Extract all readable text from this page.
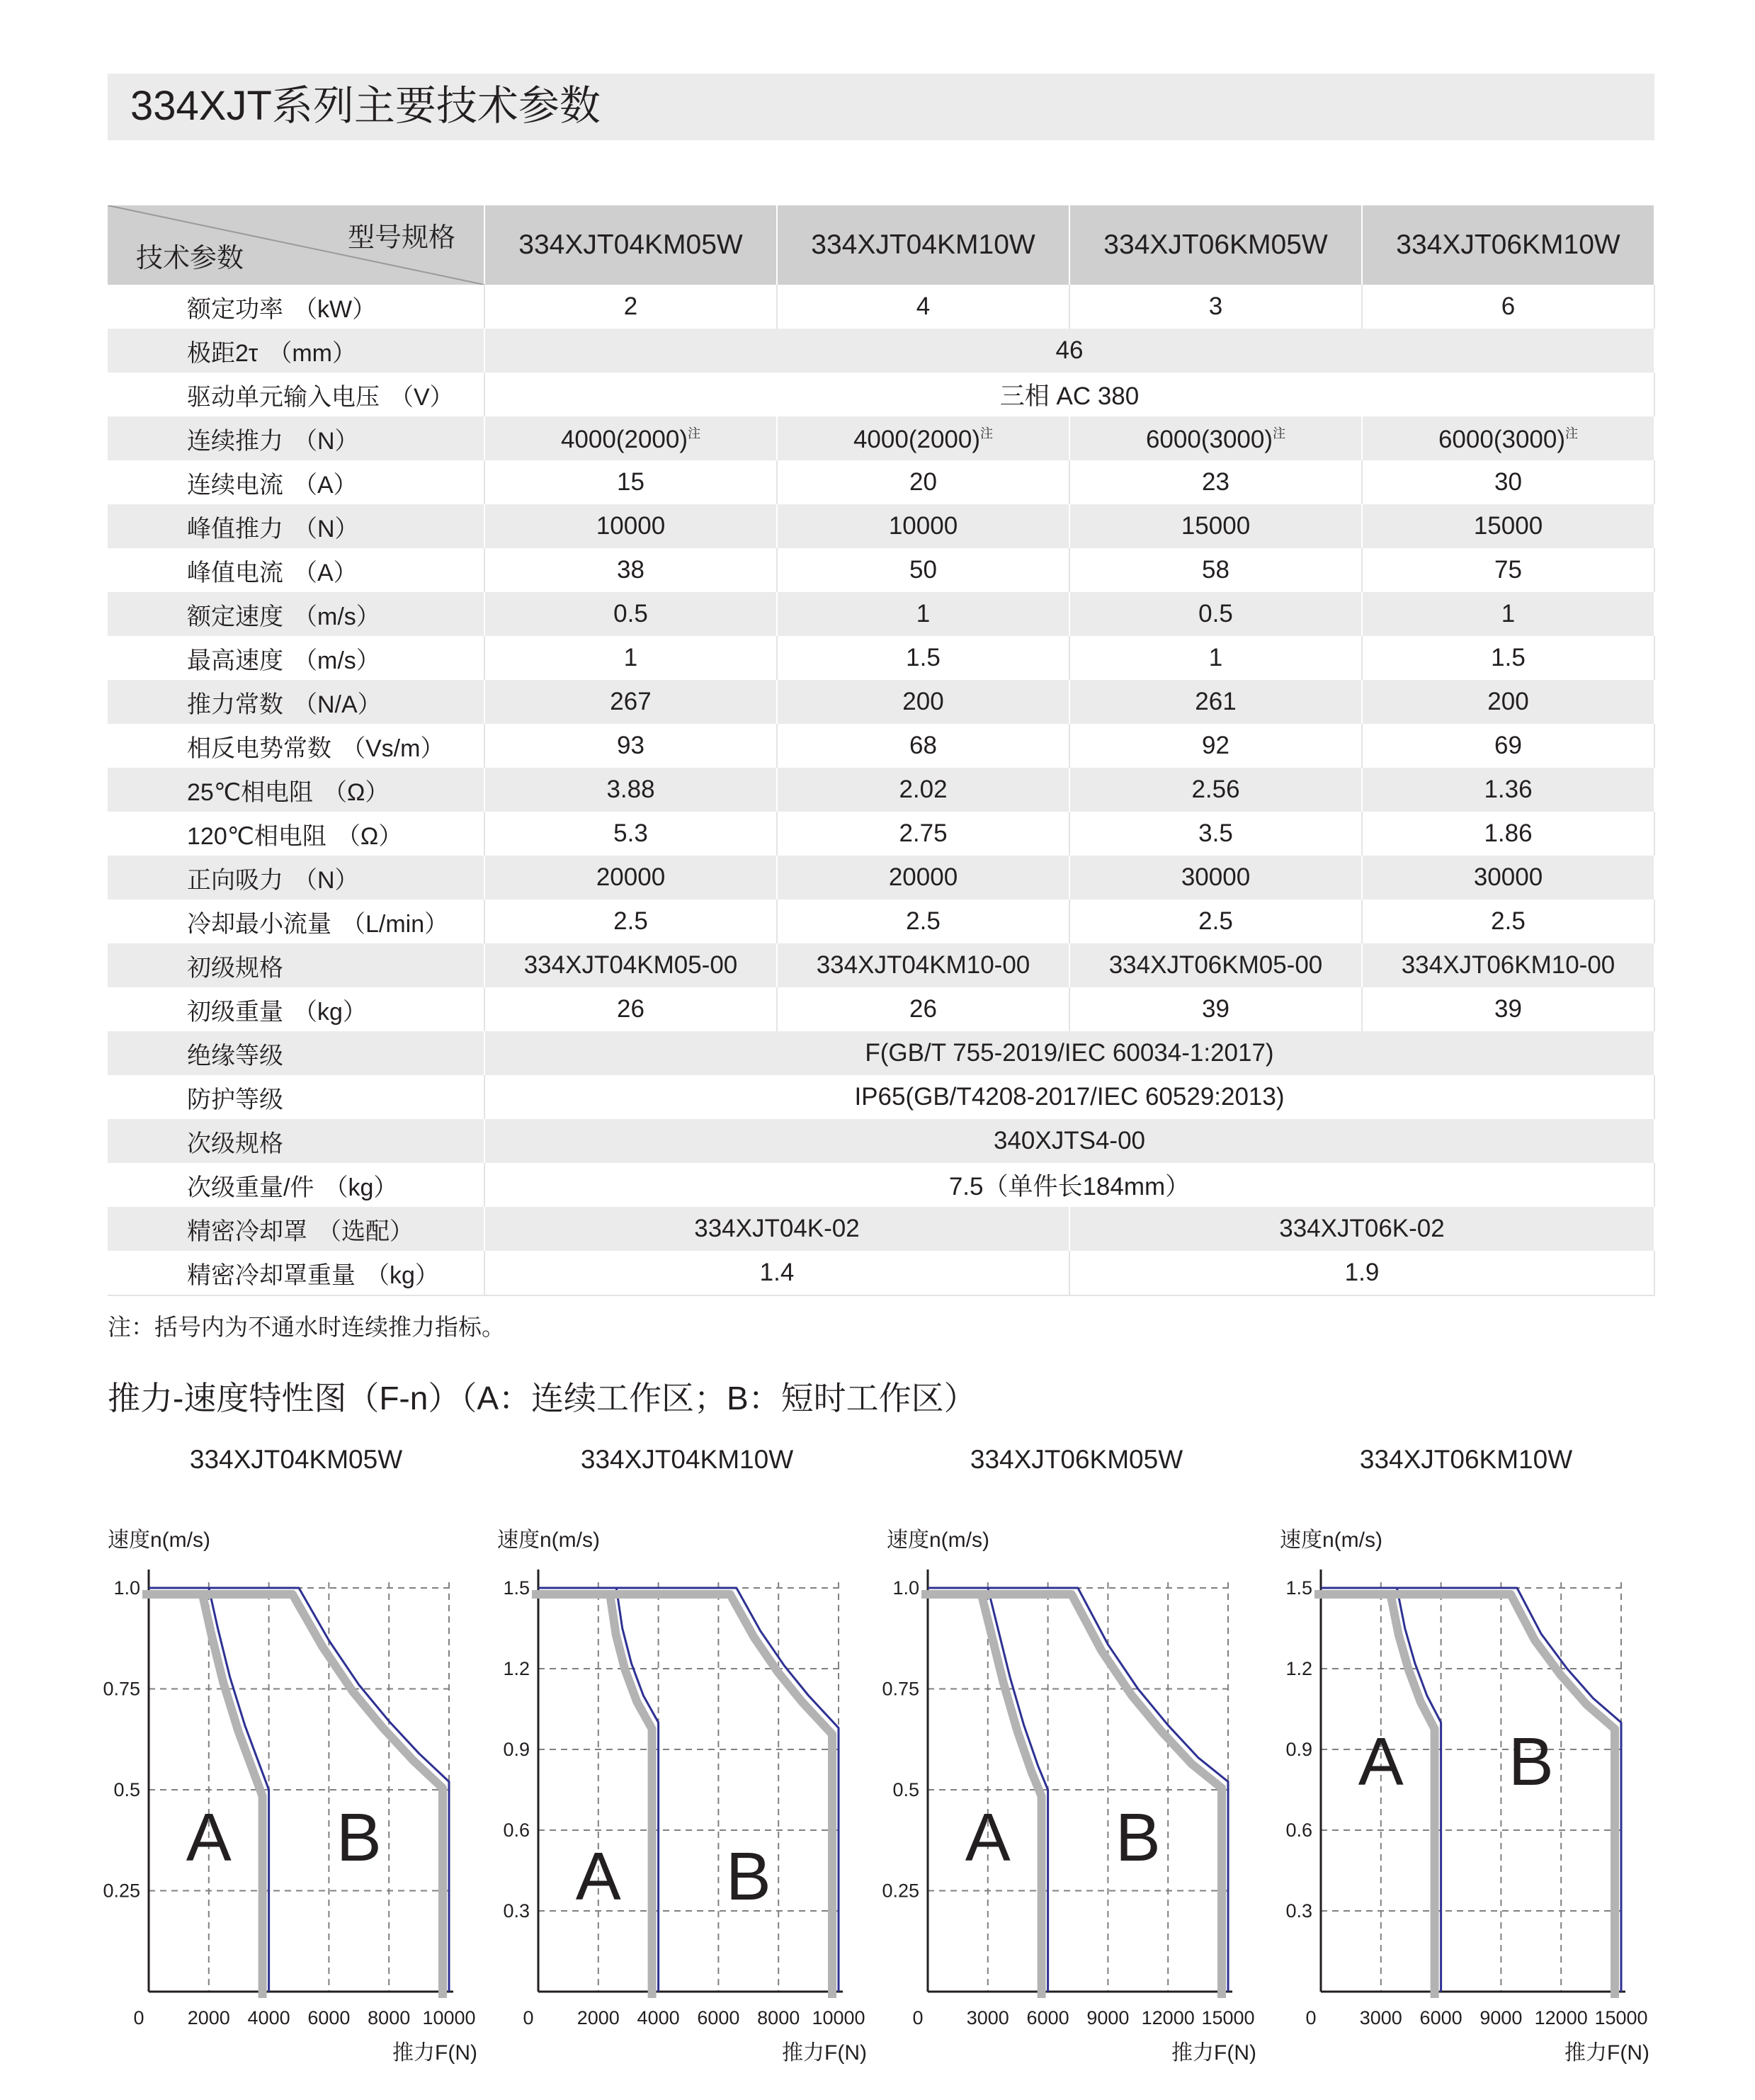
334XJT系列主要技术参数
型号规格
技术参数	334XJT04KM05W	334XJT04KM10W	334XJT06KM05W	334XJT06KM10W
额定功率 （kW）	2	4	3	6
极距2τ （mm）	46			
驱动单元输入电压 （V）	三相 AC 380			
连续推力 （N）	$4000(2000)^注$	$4000(2000)^注$	$6000(3000)^注$	$6000(3000)^注$
连续电流 （A）	15	20	23	30
峰值推力 （N）	10000	10000	15000	15000
峰值电流 （A）	38	50	58	75
额定速度 （m/s）	0.5	1	0.5	1
最高速度 （m/s）	1	1.5	1	1.5
推力常数 （N/A）	267	200	261	200
相反电势常数 （Vs/m）	93	68	92	69
25℃相电阻 （Ω）	3.88	2.02	2.56	1.36
120℃相电阻 （Ω）	5.3	2.75	3.5	1.86
正向吸力 （N）	20000	20000	30000	30000
冷却最小流量 （L/min）	2.5	2.5	2.5	2.5
初级规格	334XJT04KM05-00	334XJT04KM10-00	334XJT06KM05-00	334XJT06KM10-00
初级重量 （kg）	26	26	39	39
绝缘等级	F(GB/T 755-2019/IEC 60034-1:2017)			
防护等级	IP65(GB/T4208-2017/IEC 60529:2013)			
次级规格	340XJTS4-00			
次级重量/件 （kg）	7.5（单件长184mm）			
精密冷却罩 （选配）	334XJT04K-02		334XJT06K-02	
精密冷却罩重量 （kg）	1.4		1.9	
注：括号内为不通水时连续推力指标。
推力-速度特性图（F-n）（A：连续工作区；B：短时工作区）
334XJT04KM05W	334XJT04KM10W	334XJT06KM05W	334XJT06KM10W
0 2000 4000 6000 8000 10000
0.25
0.5
0.75
1.0
速度n(m/s)
推力F(N)
A B
0 2000 4000 6000 8000 10000
0.3
0.6
0.9
1.2
1.5
速度n(m/s)
推力F(N)
A B
0 3000 6000 9000 12000 15000
0.25
0.5
0.75
1.0
速度n(m/s)
推力F(N)
A B
0 3000 6000 9000 12000 15000
0.3
0.6
0.9
1.2
1.5
速度n(m/s)
推力F(N)
A B
